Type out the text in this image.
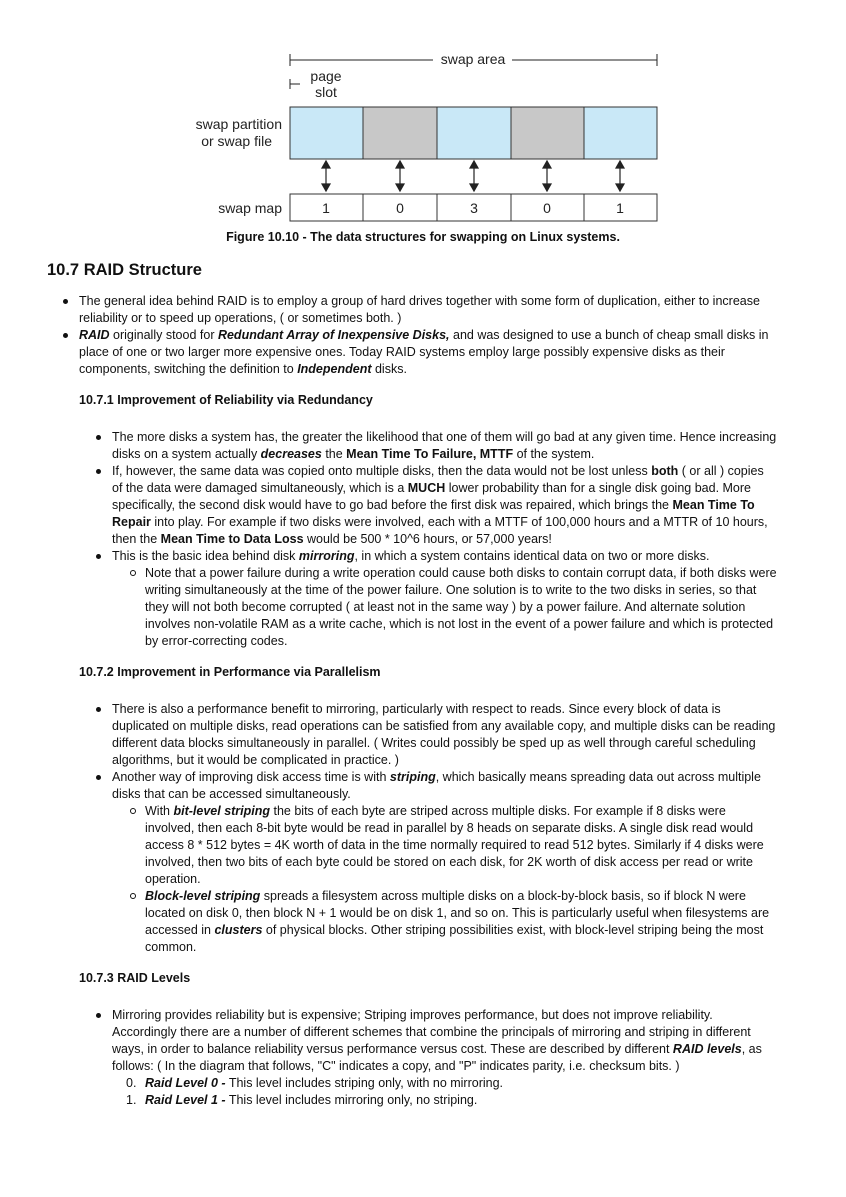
swap area
page
slot
swap partition
or swap file
swap map	1	0	3	0	1
Figure 10.10 - The data structures for swapping on Linux systems.
10.7 RAID Structure
The general idea behind RAID is to employ a group of hard drives together with some form of duplication, either to increase reliability or to speed up operations, ( or sometimes both. )
RAID originally stood for Redundant Array of Inexpensive Disks, and was designed to use a bunch of cheap small disks in place of one or two larger more expensive ones. Today RAID systems employ large possibly expensive disks as their components, switching the definition to Independent disks.
10.7.1 Improvement of Reliability via Redundancy
The more disks a system has, the greater the likelihood that one of them will go bad at any given time. Hence increasing disks on a system actually decreases the Mean Time To Failure, MTTF of the system.
If, however, the same data was copied onto multiple disks, then the data would not be lost unless both ( or all ) copies of the data were damaged simultaneously, which is a MUCH lower probability than for a single disk going bad. More specifically, the second disk would have to go bad before the first disk was repaired, which brings the Mean Time To Repair into play. For example if two disks were involved, each with a MTTF of 100,000 hours and a MTTR of 10 hours, then the Mean Time to Data Loss would be 500 * 10^6 hours, or 57,000 years!
This is the basic idea behind disk mirroring, in which a system contains identical data on two or more disks.
Note that a power failure during a write operation could cause both disks to contain corrupt data, if both disks were writing simultaneously at the time of the power failure. One solution is to write to the two disks in series, so that they will not both become corrupted ( at least not in the same way ) by a power failure. And alternate solution involves non-volatile RAM as a write cache, which is not lost in the event of a power failure and which is protected by error-correcting codes.
10.7.2 Improvement in Performance via Parallelism
There is also a performance benefit to mirroring, particularly with respect to reads. Since every block of data is duplicated on multiple disks, read operations can be satisfied from any available copy, and multiple disks can be reading different data blocks simultaneously in parallel. ( Writes could possibly be sped up as well through careful scheduling algorithms, but it would be complicated in practice. )
Another way of improving disk access time is with striping, which basically means spreading data out across multiple disks that can be accessed simultaneously.
With bit-level striping the bits of each byte are striped across multiple disks. For example if 8 disks were involved, then each 8-bit byte would be read in parallel by 8 heads on separate disks. A single disk read would access 8 * 512 bytes = 4K worth of data in the time normally required to read 512 bytes. Similarly if 4 disks were involved, then two bits of each byte could be stored on each disk, for 2K worth of disk access per read or write operation.
Block-level striping spreads a filesystem across multiple disks on a block-by-block basis, so if block N were located on disk 0, then block N + 1 would be on disk 1, and so on. This is particularly useful when filesystems are accessed in clusters of physical blocks. Other striping possibilities exist, with block-level striping being the most common.
10.7.3 RAID Levels
Mirroring provides reliability but is expensive; Striping improves performance, but does not improve reliability. Accordingly there are a number of different schemes that combine the principals of mirroring and striping in different ways, in order to balance reliability versus performance versus cost. These are described by different RAID levels, as follows: ( In the diagram that follows, "C" indicates a copy, and "P" indicates parity, i.e. checksum bits. )
0. Raid Level 0 - This level includes striping only, with no mirroring.
1. Raid Level 1 - This level includes mirroring only, no striping.
